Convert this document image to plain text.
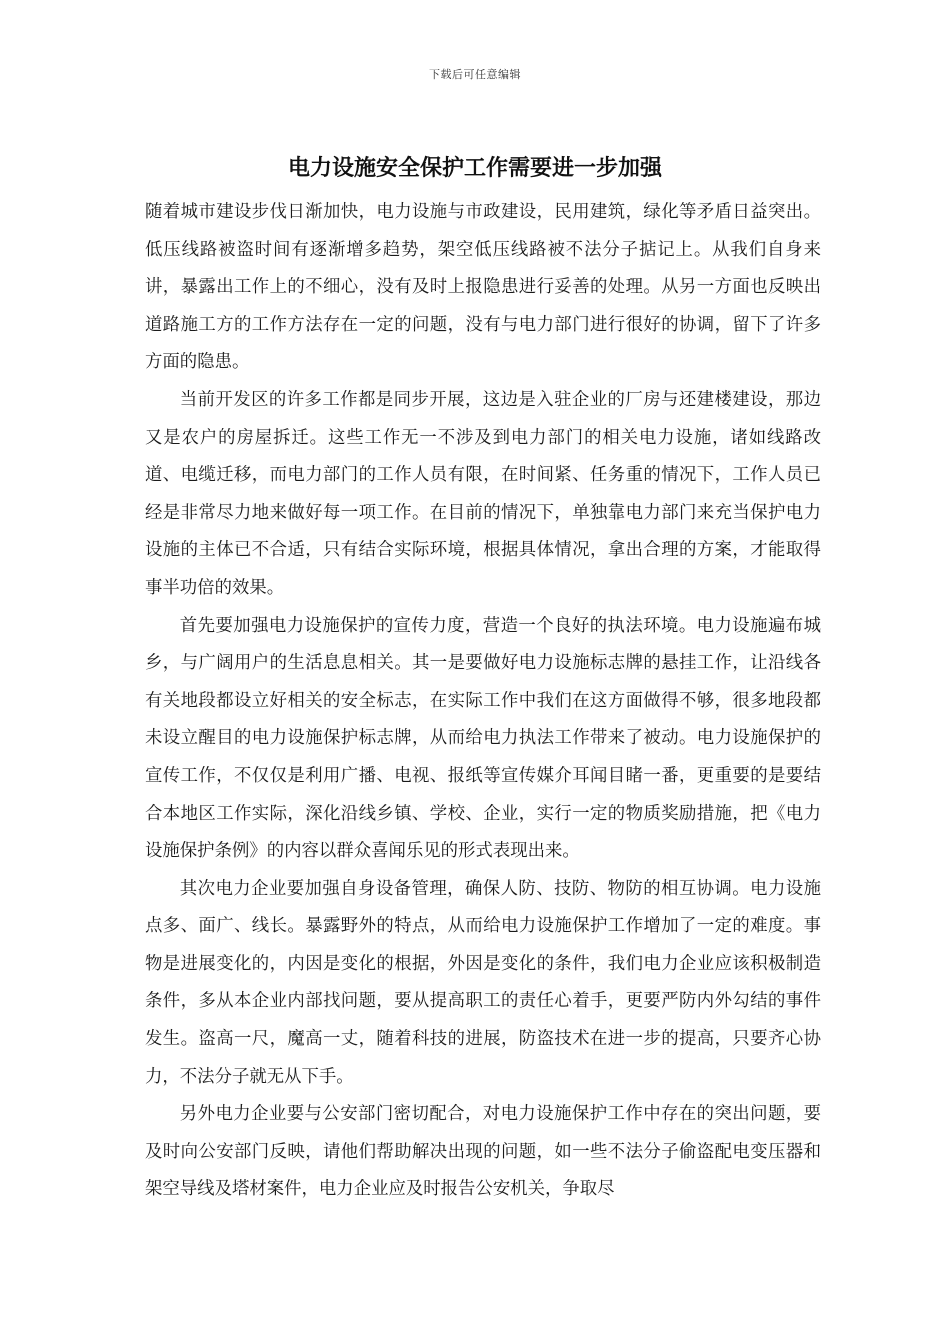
下载后可任意编辑
电力设施安全保护工作需要进一步加强

随着城市建设步伐日渐加快，电力设施与市政建设，民用建筑，绿化等矛盾日益突出。低压线路被盗时间有逐渐增多趋势，架空低压线路被不法分子掂记上。从我们自身来讲，暴露出工作上的不细心，没有及时上报隐患进行妥善的处理。从另一方面也反映出道路施工方的工作方法存在一定的问题，没有与电力部门进行很好的协调，留下了许多方面的隐患。

当前开发区的许多工作都是同步开展，这边是入驻企业的厂房与还建楼建设，那边又是农户的房屋拆迁。这些工作无一不涉及到电力部门的相关电力设施，诸如线路改道、电缆迁移，而电力部门的工作人员有限，在时间紧、任务重的情况下，工作人员已经是非常尽力地来做好每一项工作。在目前的情况下，单独靠电力部门来充当保护电力设施的主体已不合适，只有结合实际环境，根据具体情况，拿出合理的方案，才能取得事半功倍的效果。

首先要加强电力设施保护的宣传力度，营造一个良好的执法环境。电力设施遍布城乡，与广阔用户的生活息息相关。其一是要做好电力设施标志牌的悬挂工作，让沿线各有关地段都设立好相关的安全标志，在实际工作中我们在这方面做得不够，很多地段都未设立醒目的电力设施保护标志牌，从而给电力执法工作带来了被动。电力设施保护的宣传工作，不仅仅是利用广播、电视、报纸等宣传媒介耳闻目睹一番，更重要的是要结合本地区工作实际，深化沿线乡镇、学校、企业，实行一定的物质奖励措施，把《电力设施保护条例》的内容以群众喜闻乐见的形式表现出来。

其次电力企业要加强自身设备管理，确保人防、技防、物防的相互协调。电力设施点多、面广、线长。暴露野外的特点，从而给电力设施保护工作增加了一定的难度。事物是进展变化的，内因是变化的根据，外因是变化的条件，我们电力企业应该积极制造条件，多从本企业内部找问题，要从提高职工的责任心着手，更要严防内外勾结的事件发生。盗高一尺，魔高一丈，随着科技的进展，防盗技术在进一步的提高，只要齐心协力，不法分子就无从下手。

另外电力企业要与公安部门密切配合，对电力设施保护工作中存在的突出问题，要及时向公安部门反映，请他们帮助解决出现的问题，如一些不法分子偷盗配电变压器和架空导线及塔材案件，电力企业应及时报告公安机关，争取尽
